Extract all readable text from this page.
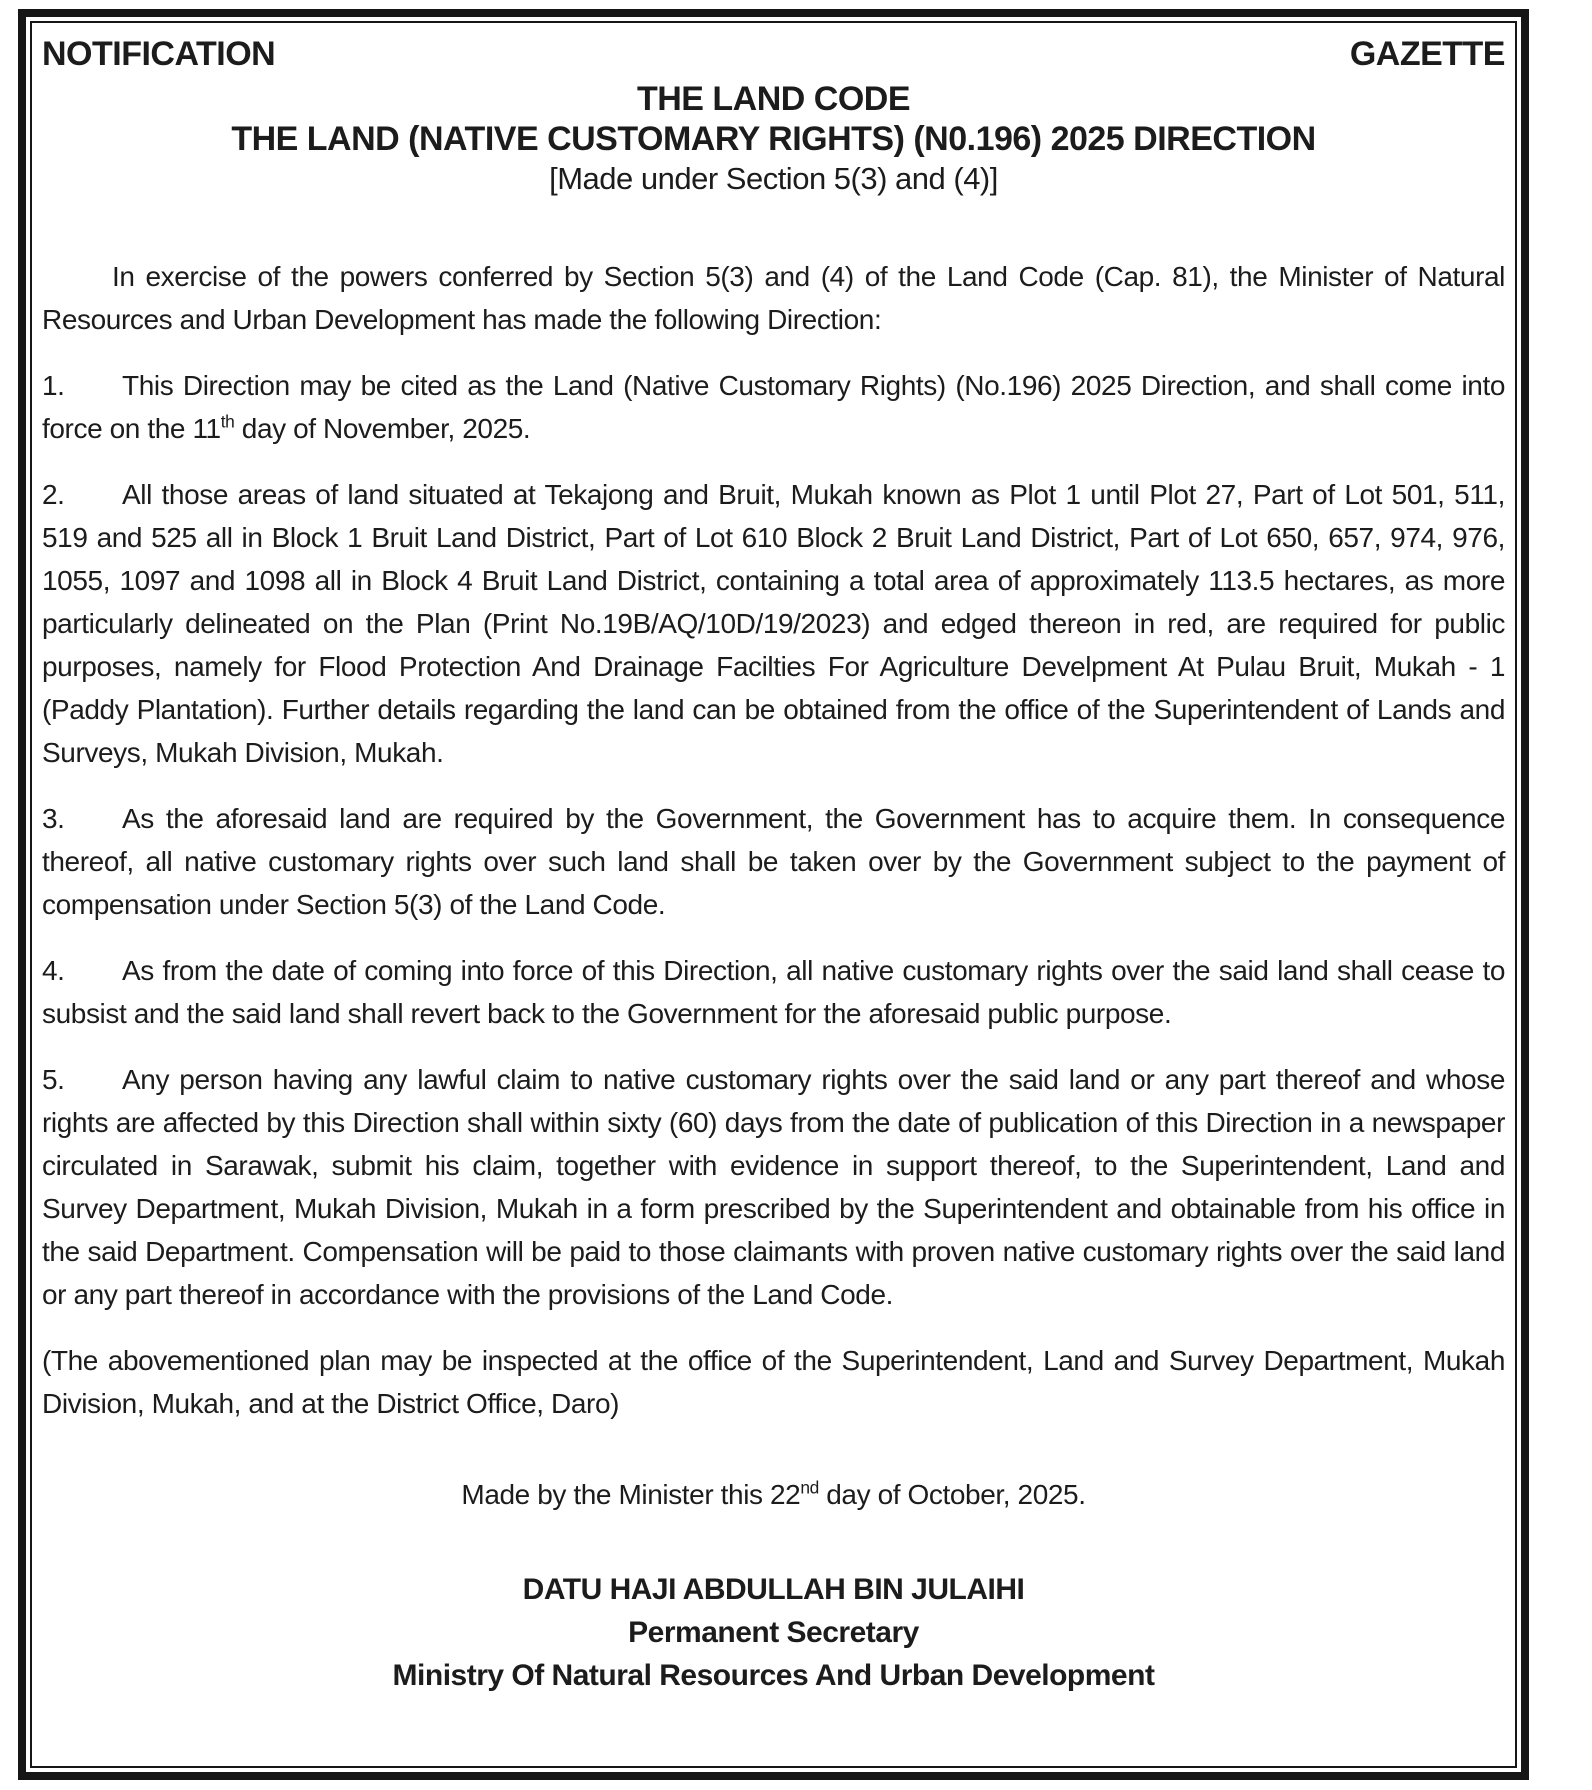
NOTIFICATION	GAZETTE
THE LAND CODE
THE LAND (NATIVE CUSTOMARY RIGHTS) (N0.196) 2025 DIRECTION
[Made under Section 5(3) and (4)]

In exercise of the powers conferred by Section 5(3) and (4) of the Land Code (Cap. 81), the Minister of Natural Resources and Urban Development has made the following Direction:

1. This Direction may be cited as the Land (Native Customary Rights) (No.196) 2025 Direction, and shall come into force on the 11th day of November, 2025.

2. All those areas of land situated at Tekajong and Bruit, Mukah known as Plot 1 until Plot 27, Part of Lot 501, 511, 519 and 525 all in Block 1 Bruit Land District, Part of Lot 610 Block 2 Bruit Land District, Part of Lot 650, 657, 974, 976, 1055, 1097 and 1098 all in Block 4 Bruit Land District, containing a total area of approximately 113.5 hectares, as more particularly delineated on the Plan (Print No.19B/AQ/10D/19/2023) and edged thereon in red, are required for public purposes, namely for Flood Protection And Drainage Facilties For Agriculture Develpment At Pulau Bruit, Mukah - 1 (Paddy Plantation). Further details regarding the land can be obtained from the office of the Superintendent of Lands and Surveys, Mukah Division, Mukah.

3. As the aforesaid land are required by the Government, the Government has to acquire them. In consequence thereof, all native customary rights over such land shall be taken over by the Government subject to the payment of compensation under Section 5(3) of the Land Code.

4. As from the date of coming into force of this Direction, all native customary rights over the said land shall cease to subsist and the said land shall revert back to the Government for the aforesaid public purpose.

5. Any person having any lawful claim to native customary rights over the said land or any part thereof and whose rights are affected by this Direction shall within sixty (60) days from the date of publication of this Direction in a newspaper circulated in Sarawak, submit his claim, together with evidence in support thereof, to the Superintendent, Land and Survey Department, Mukah Division, Mukah in a form prescribed by the Superintendent and obtainable from his office in the said Department. Compensation will be paid to those claimants with proven native customary rights over the said land or any part thereof in accordance with the provisions of the Land Code.

(The abovementioned plan may be inspected at the office of the Superintendent, Land and Survey Department, Mukah Division, Mukah, and at the District Office, Daro)

Made by the Minister this 22nd day of October, 2025.

DATU HAJI ABDULLAH BIN JULAIHI
Permanent Secretary
Ministry Of Natural Resources And Urban Development
